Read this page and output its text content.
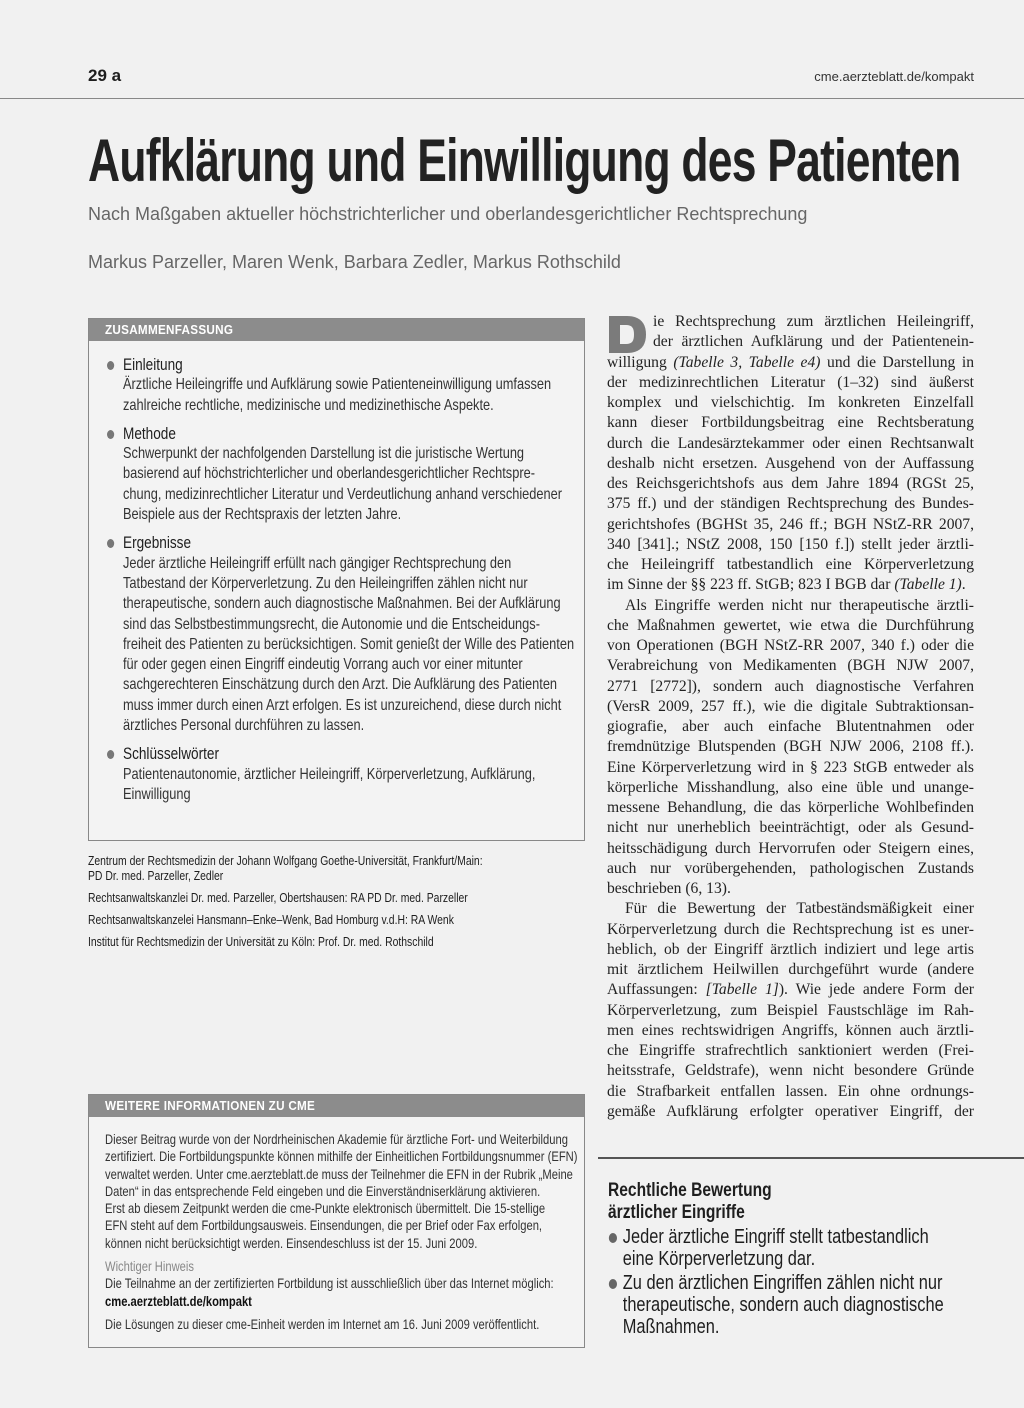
29 a	cme.aerzteblatt.de/kompakt
Aufklärung und Einwilligung des Patienten
Nach Maßgaben aktueller höchstrichterlicher und oberlandesgerichtlicher Rechtsprechung
Markus Parzeller, Maren Wenk, Barbara Zedler, Markus Rothschild
ZUSAMMENFASSUNG
Einleitung
Ärztliche Heileingriffe und Aufklärung sowie Patienteneinwilligung umfassen
zahlreiche rechtliche, medizinische und medizinethische Aspekte.
Methode
Schwerpunkt der nachfolgenden Darstellung ist die juristische Wertung
basierend auf höchstrichterlicher und oberlandesgerichtlicher Rechtspre-
chung, medizinrechtlicher Literatur und Verdeutlichung anhand verschiedener
Beispiele aus der Rechtspraxis der letzten Jahre.
Ergebnisse
Jeder ärztliche Heileingriff erfüllt nach gängiger Rechtsprechung den
Tatbestand der Körperverletzung. Zu den Heileingriffen zählen nicht nur
therapeutische, sondern auch diagnostische Maßnahmen. Bei der Aufklärung
sind das Selbstbestimmungsrecht, die Autonomie und die Entscheidungs-
freiheit des Patienten zu berücksichtigen. Somit genießt der Wille des Patienten
für oder gegen einen Eingriff eindeutig Vorrang auch vor einer mitunter
sachgerechteren Einschätzung durch den Arzt. Die Aufklärung des Patienten
muss immer durch einen Arzt erfolgen. Es ist unzureichend, diese durch nicht
ärztliches Personal durchführen zu lassen.
Schlüsselwörter
Patientenautonomie, ärztlicher Heileingriff, Körperverletzung, Aufklärung,
Einwilligung
Zentrum der Rechtsmedizin der Johann Wolfgang Goethe-Universität, Frankfurt/Main:
PD Dr. med. Parzeller, Zedler
Rechtsanwaltskanzlei Dr. med. Parzeller, Obertshausen: RA PD Dr. med. Parzeller
Rechtsanwaltskanzelei Hansmann–Enke–Wenk, Bad Homburg v.d.H: RA Wenk
Institut für Rechtsmedizin der Universität zu Köln: Prof. Dr. med. Rothschild
WEITERE INFORMATIONEN ZU CME
Dieser Beitrag wurde von der Nordrheinischen Akademie für ärztliche Fort- und Weiterbildung
zertifiziert. Die Fortbildungspunkte können mithilfe der Einheitlichen Fortbildungsnummer (EFN)
verwaltet werden. Unter cme.aerzteblatt.de muss der Teilnehmer die EFN in der Rubrik „Meine
Daten“ in das entsprechende Feld eingeben und die Einverständniserklärung aktivieren.
Erst ab diesem Zeitpunkt werden die cme-Punkte elektronisch übermittelt. Die 15-stellige
EFN steht auf dem Fortbildungsausweis. Einsendungen, die per Brief oder Fax erfolgen,
können nicht berücksichtigt werden. Einsendeschluss ist der 15. Juni 2009.
Wichtiger Hinweis
Die Teilnahme an der zertifizierten Fortbildung ist ausschließlich über das Internet möglich:
cme.aerzteblatt.de/kompakt
Die Lösungen zu dieser cme-Einheit werden im Internet am 16. Juni 2009 veröffentlicht.
ie Rechtsprechung zum ärztlichen Heileingriff,
der ärztlichen Aufklärung und der Patientenein-
willigung (Tabelle 3, Tabelle e4) und die Darstellung in
der medizinrechtlichen Literatur (1–32) sind äußerst
komplex und vielschichtig. Im konkreten Einzelfall
kann dieser Fortbildungsbeitrag eine Rechtsberatung
durch die Landesärztekammer oder einen Rechtsanwalt
deshalb nicht ersetzen. Ausgehend von der Auffassung
des Reichsgerichtshofs aus dem Jahre 1894 (RGSt 25,
375 ff.) und der ständigen Rechtsprechung des Bundes-
gerichtshofes (BGHSt 35, 246 ff.; BGH NStZ-RR 2007,
340 [341].; NStZ 2008, 150 [150 f.]) stellt jeder ärztli-
che Heileingriff tatbestandlich eine Körperverletzung
im Sinne der §§ 223 ff. StGB; 823 I BGB dar (Tabelle 1).
Als Eingriffe werden nicht nur therapeutische ärztli-
che Maßnahmen gewertet, wie etwa die Durchführung
von Operationen (BGH NStZ-RR 2007, 340 f.) oder die
Verabreichung von Medikamenten (BGH NJW 2007,
2771 [2772]), sondern auch diagnostische Verfahren
(VersR 2009, 257 ff.), wie die digitale Subtraktionsan-
giografie, aber auch einfache Blutentnahmen oder
fremdnützige Blutspenden (BGH NJW 2006, 2108 ff.).
Eine Körperverletzung wird in § 223 StGB entweder als
körperliche Misshandlung, also eine üble und unange-
messene Behandlung, die das körperliche Wohlbefinden
nicht nur unerheblich beeinträchtigt, oder als Gesund-
heitsschädigung durch Hervorrufen oder Steigern eines,
auch nur vorübergehenden, pathologischen Zustands
beschrieben (6, 13).
Für die Bewertung der Tatbeständsmäßigkeit einer
Körperverletzung durch die Rechtsprechung ist es uner-
heblich, ob der Eingriff ärztlich indiziert und lege artis
mit ärztlichem Heilwillen durchgeführt wurde (andere
Auffassungen: [Tabelle 1]). Wie jede andere Form der
Körperverletzung, zum Beispiel Faustschläge im Rah-
men eines rechtswidrigen Angriffs, können auch ärztli-
che Eingriffe strafrechtlich sanktioniert werden (Frei-
heitsstrafe, Geldstrafe), wenn nicht besondere Gründe
die Strafbarkeit entfallen lassen. Ein ohne ordnungs-
gemäße Aufklärung erfolgter operativer Eingriff, der
Rechtliche Bewertung
ärztlicher Eingriffe
Jeder ärztliche Eingriff stellt tatbestandlich
eine Körperverletzung dar.
Zu den ärztlichen Eingriffen zählen nicht nur
therapeutische, sondern auch diagnostische
Maßnahmen.
